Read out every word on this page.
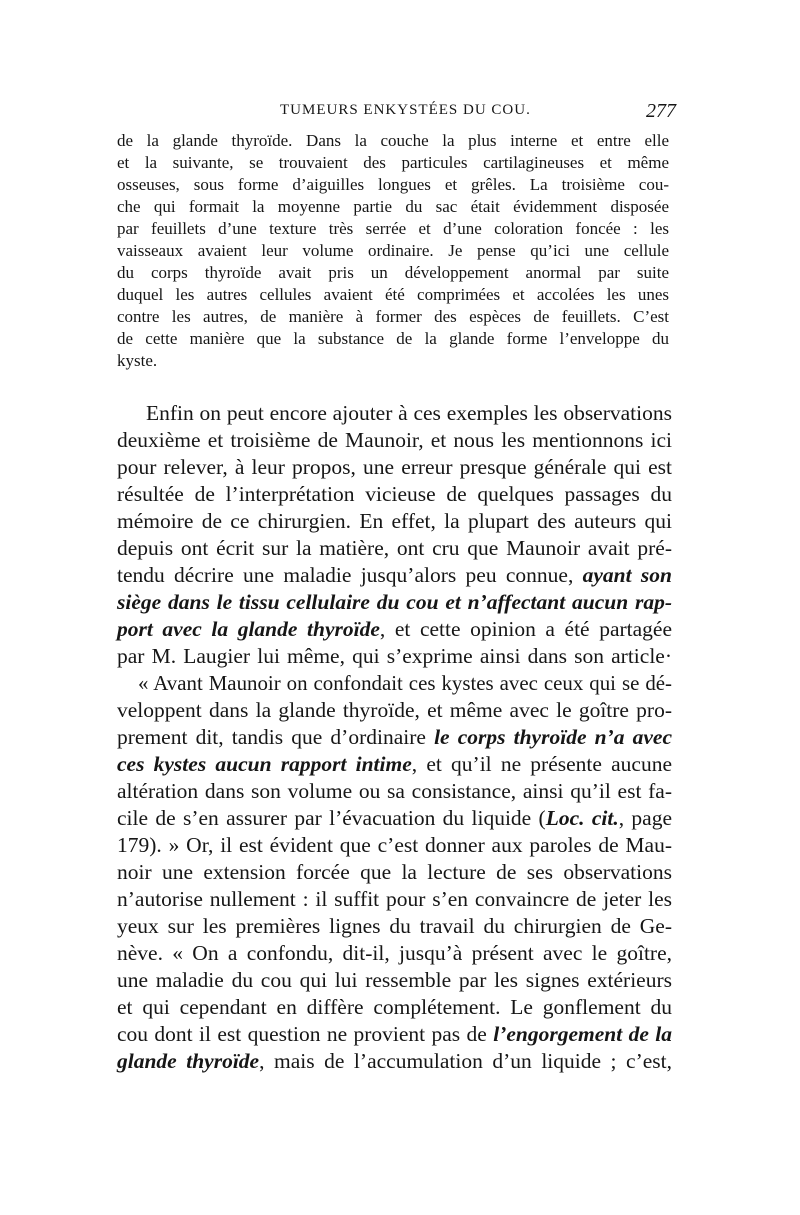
TUMEURS ENKYSTÉES DU COU.	277
de la glande thyroïde. Dans la couche la plus interne et entre elle
et la suivante, se trouvaient des particules cartilagineuses et même
osseuses, sous forme d’aiguilles longues et grêles. La troisième cou-
che qui formait la moyenne partie du sac était évidemment disposée
par feuillets d’une texture très serrée et d’une coloration foncée : les
vaisseaux avaient leur volume ordinaire. Je pense qu’ici une cellule
du corps thyroïde avait pris un développement anormal par suite
duquel les autres cellules avaient été comprimées et accolées les unes
contre les autres, de manière à former des espèces de feuillets. C’est
de cette manière que la substance de la glande forme l’enveloppe du
kyste.
Enfin on peut encore ajouter à ces exemples les observations
deuxième et troisième de Maunoir, et nous les mentionnons ici
pour relever, à leur propos, une erreur presque générale qui est
résultée de l’interprétation vicieuse de quelques passages du
mémoire de ce chirurgien. En effet, la plupart des auteurs qui
depuis ont écrit sur la matière, ont cru que Maunoir avait pré-
tendu décrire une maladie jusqu’alors peu connue, ayant son
siège dans le tissu cellulaire du cou et n’affectant aucun rap-
port avec la glande thyroïde, et cette opinion a été partagée
par M. Laugier lui même, qui s’exprime ainsi dans son article·
« Avant Maunoir on confondait ces kystes avec ceux qui se dé-
veloppent dans la glande thyroïde, et même avec le goître pro-
prement dit, tandis que d’ordinaire le corps thyroïde n’a avec
ces kystes aucun rapport intime, et qu’il ne présente aucune
altération dans son volume ou sa consistance, ainsi qu’il est fa-
cile de s’en assurer par l’évacuation du liquide (Loc. cit., page
179). » Or, il est évident que c’est donner aux paroles de Mau-
noir une extension forcée que la lecture de ses observations
n’autorise nullement : il suffit pour s’en convaincre de jeter les
yeux sur les premières lignes du travail du chirurgien de Ge-
nève. « On a confondu, dit-il, jusqu’à présent avec le goître,
une maladie du cou qui lui ressemble par les signes extérieurs
et qui cependant en diffère complétement. Le gonflement du
cou dont il est question ne provient pas de l’engorgement de la
glande thyroïde, mais de l’accumulation d’un liquide ; c’est,
